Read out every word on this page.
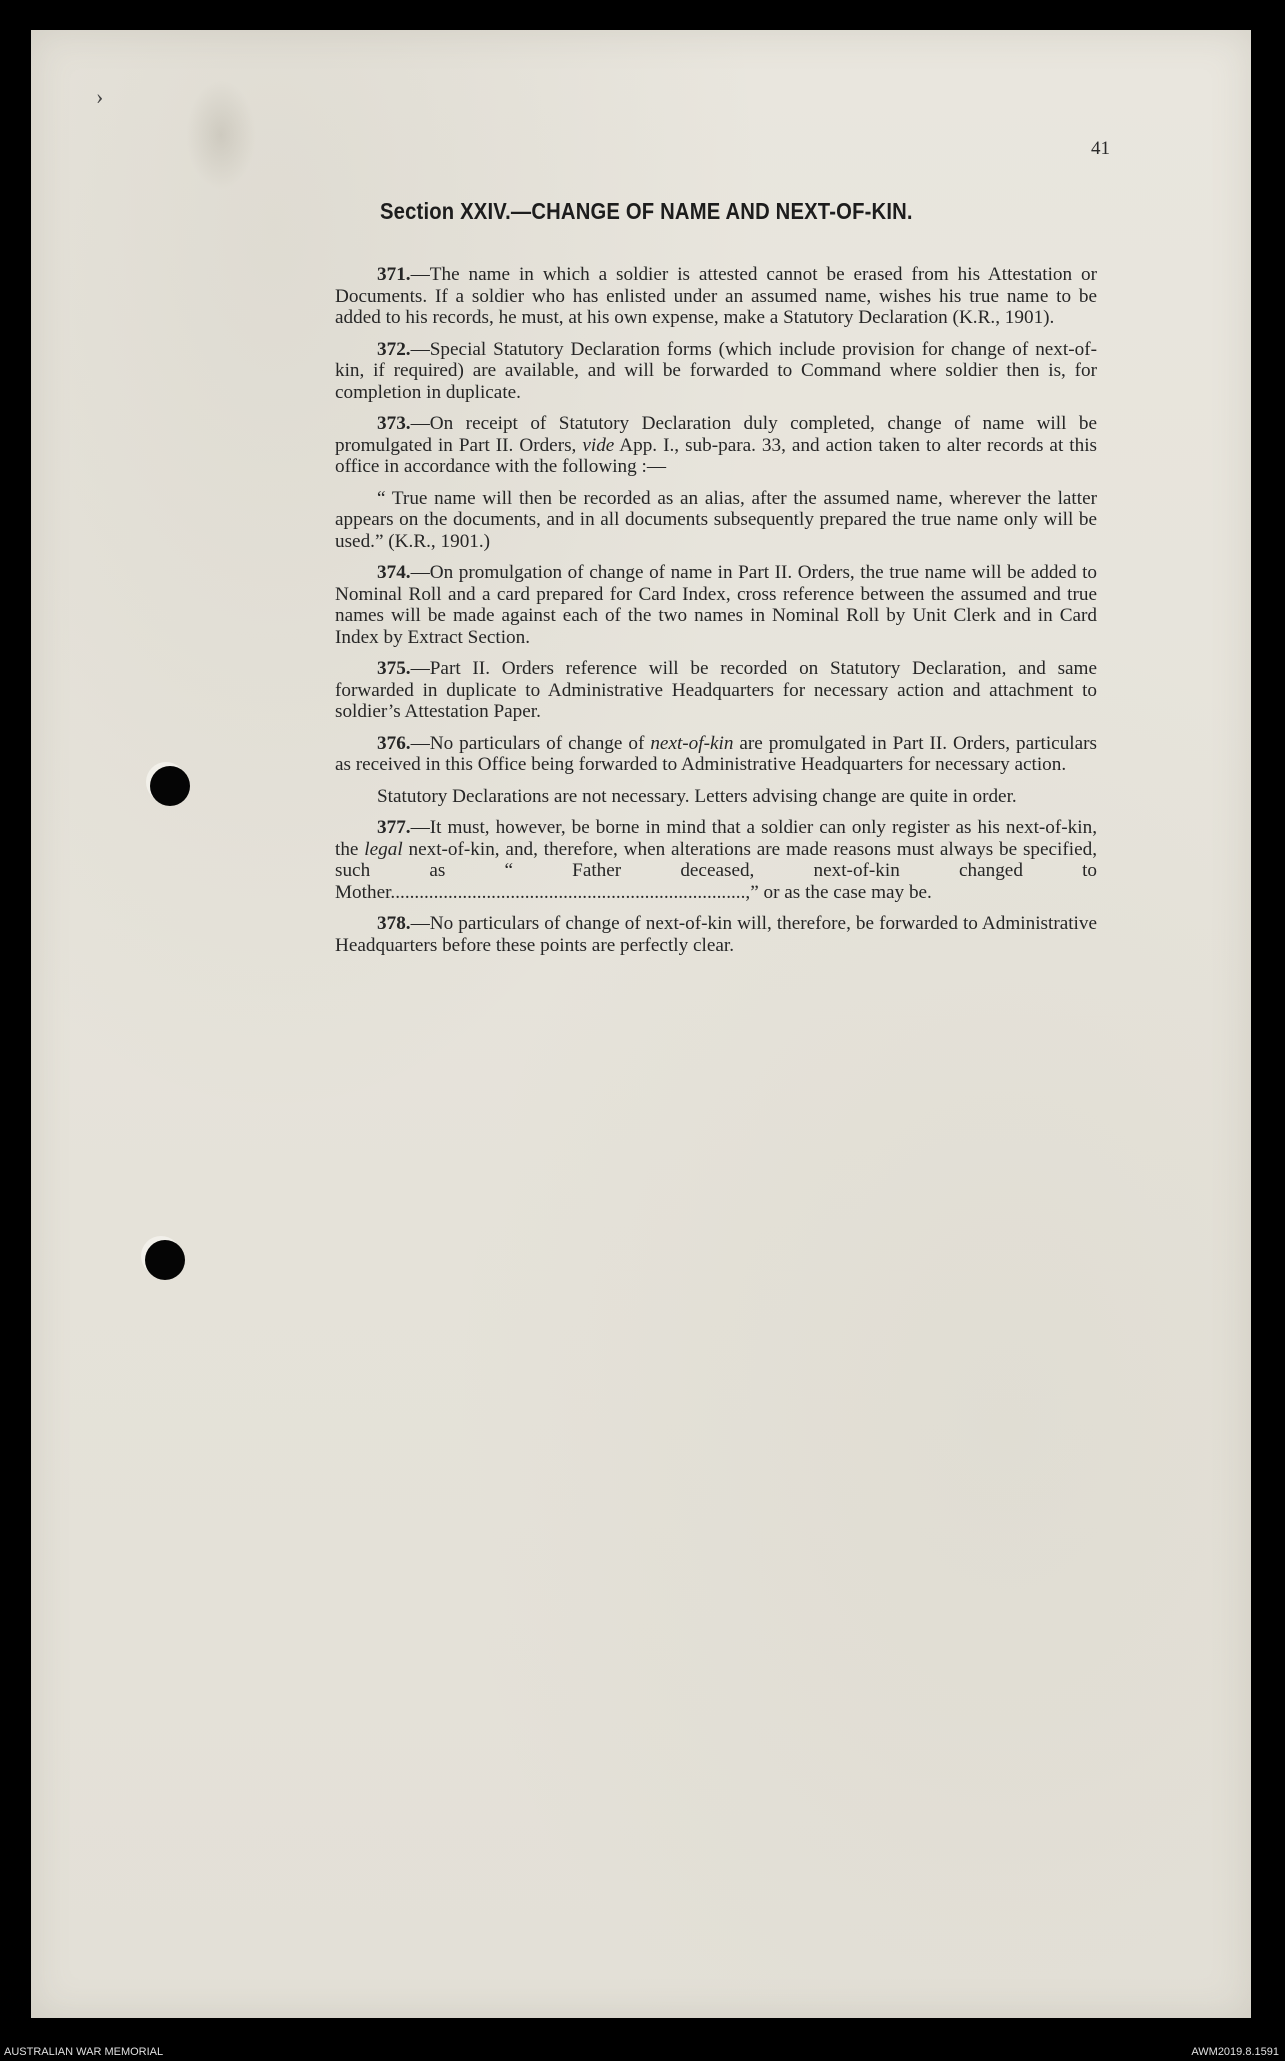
›
41
Section XXIV.—CHANGE OF NAME AND NEXT-OF-KIN.

371.—The name in which a soldier is attested cannot be erased from his Attestation or Documents. If a soldier who has enlisted under an assumed name, wishes his true name to be added to his records, he must, at his own expense, make a Statutory Declaration (K.R., 1901).

372.—Special Statutory Declaration forms (which include provision for change of next-of-kin, if required) are available, and will be forwarded to Command where soldier then is, for completion in duplicate.

373.—On receipt of Statutory Declaration duly completed, change of name will be promulgated in Part II. Orders, vide App. I., sub-para. 33, and action taken to alter records at this office in accordance with the following :—

“ True name will then be recorded as an alias, after the assumed name, wherever the latter appears on the documents, and in all documents subsequently prepared the true name only will be used.” (K.R., 1901.)

374.—On promulgation of change of name in Part II. Orders, the true name will be added to Nominal Roll and a card prepared for Card Index, cross reference between the assumed and true names will be made against each of the two names in Nominal Roll by Unit Clerk and in Card Index by Extract Section.

375.—Part II. Orders reference will be recorded on Statutory Declaration, and same forwarded in duplicate to Administrative Headquarters for necessary action and attachment to soldier’s Attestation Paper.

376.—No particulars of change of next-of-kin are promulgated in Part II. Orders, particulars as received in this Office being forwarded to Administrative Headquarters for necessary action.

Statutory Declarations are not necessary. Letters advising change are quite in order.

377.—It must, however, be borne in mind that a soldier can only register as his next-of-kin, the legal next-of-kin, and, therefore, when alterations are made reasons must always be specified, such as “ Father deceased, next-of-kin changed to Mother..........................................................................,” or as the case may be.

378.—No particulars of change of next-of-kin will, therefore, be forwarded to Administrative Headquarters before these points are perfectly clear.

AUSTRALIAN WAR MEMORIAL	AWM2019.8.1591
